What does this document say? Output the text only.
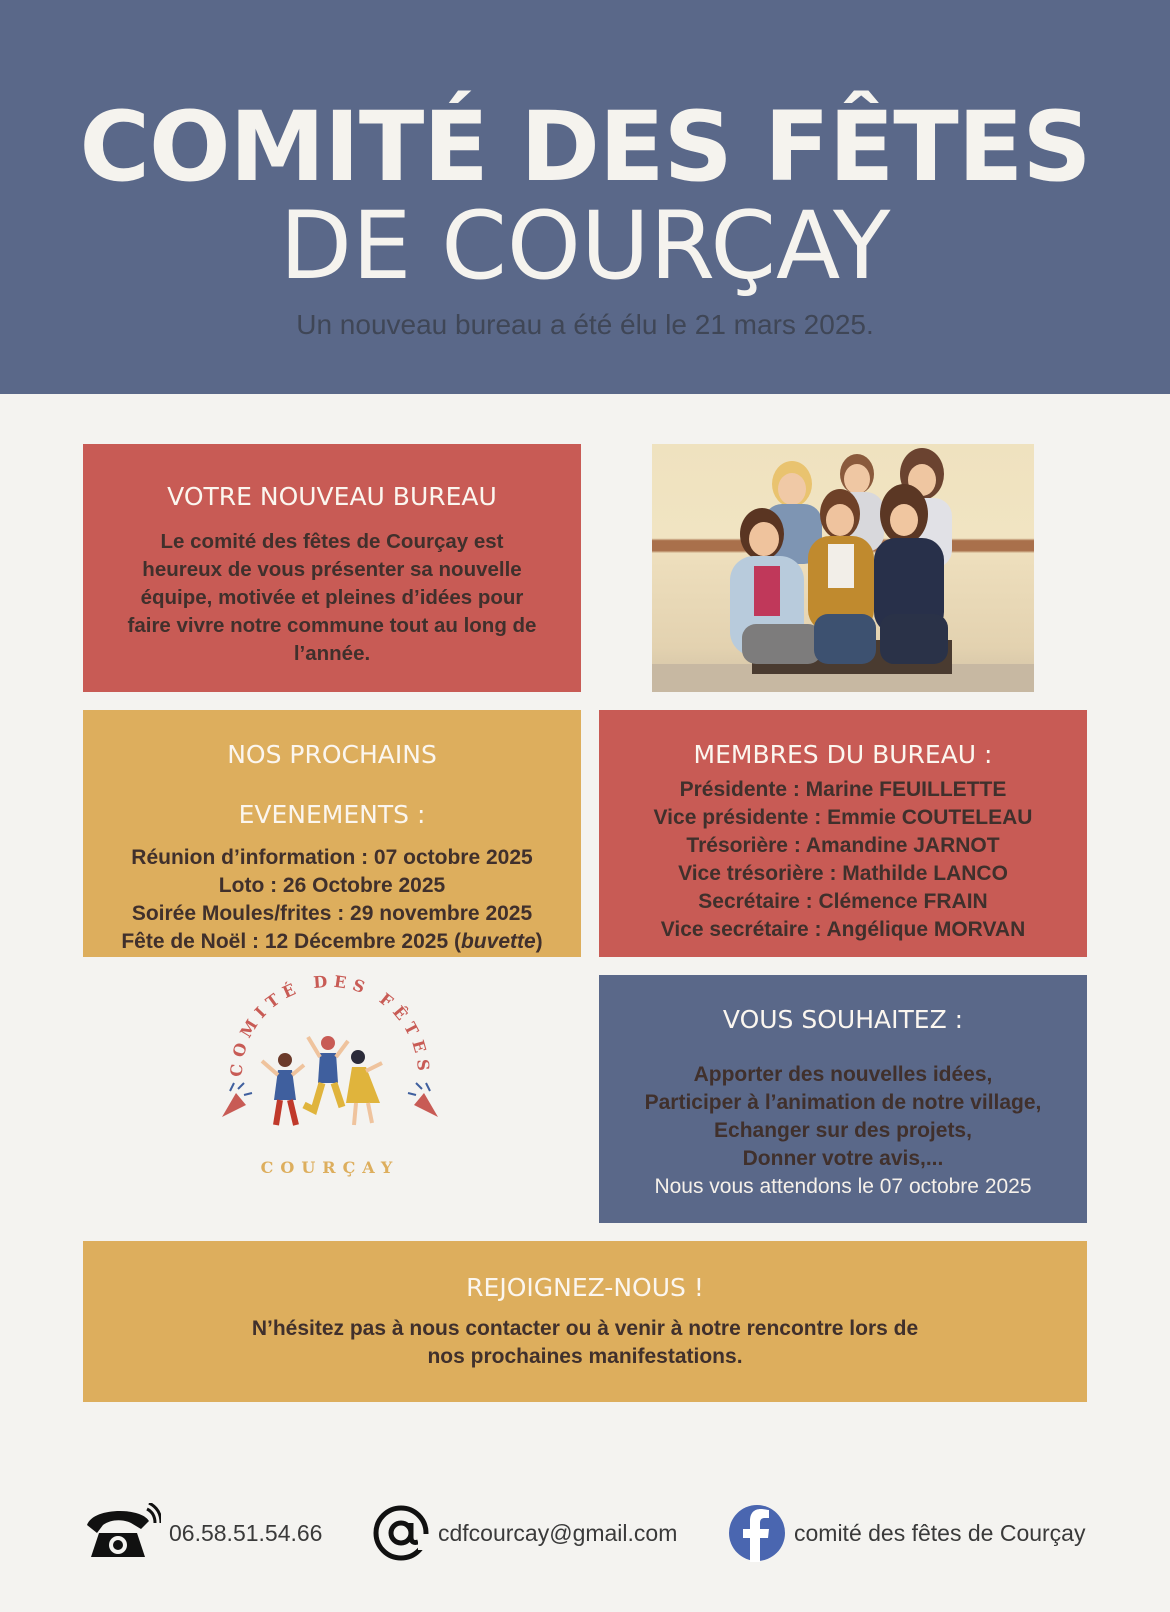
COMITÉ DES FÊTES
DE COURÇAY
Un nouveau bureau a été élu le 21 mars 2025.
VOTRE NOUVEAU BUREAU
Le comité des fêtes de Courçay est heureux de vous présenter sa nouvelle équipe, motivée et pleines d’idées pour faire vivre notre commune tout au long de l’année.
NOS PROCHAINS
EVENEMENTS :
Réunion d’information : 07 octobre 2025
Loto : 26 Octobre 2025
Soirée Moules/frites : 29 novembre 2025
Fête de Noël : 12 Décembre 2025 (buvette)
MEMBRES DU BUREAU :
Présidente : Marine FEUILLETTE
Vice présidente : Emmie COUTELEAU
Trésorière : Amandine JARNOT
Vice trésorière : Mathilde LANCO
Secrétaire : Clémence FRAIN
Vice secrétaire : Angélique MORVAN
COMITÉ DES FÊTES
COURÇAY
VOUS SOUHAITEZ :
Apporter des nouvelles idées,
Participer à l’animation de notre village,
Echanger sur des projets,
Donner votre avis,...
Nous vous attendons le 07 octobre 2025
REJOIGNEZ-NOUS !
N’hésitez pas à nous contacter ou à venir à notre rencontre lors de nos prochaines manifestations.
06.58.51.54.66	cdfcourcay@gmail.com	comité des fêtes de Courçay
